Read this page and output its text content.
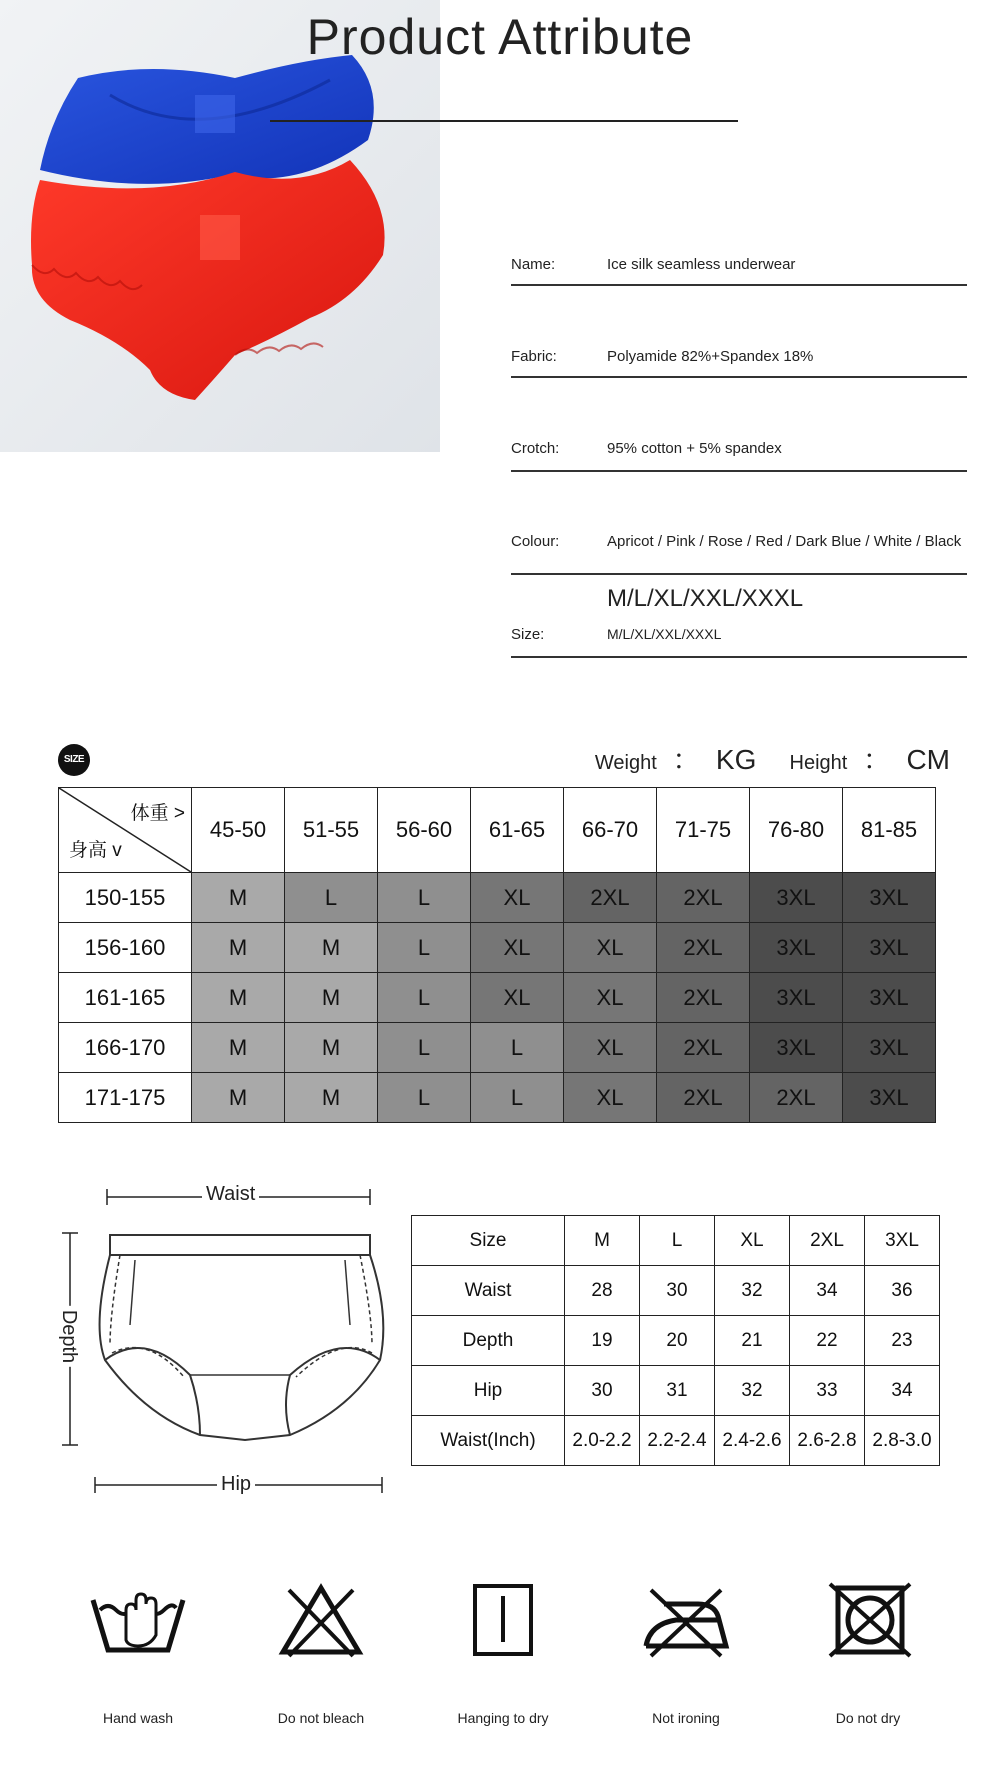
Product Attribute
Name:	Ice silk seamless underwear
Fabric:	Polyamide 82%+Spandex 18%
Crotch:	95% cotton + 5% spandex
Colour:	Apricot / Pink / Rose / Red / Dark Blue / White / Black
M/L/XL/XXL/XXXL
Size:	M/L/XL/XXL/XXXL
SIZE	Weight ： KG Height ： CM
体重 >
身高 v	45-50	51-55	56-60	61-65	66-70	71-75	76-80	81-85
150-155	M	L	L	XL	2XL	2XL	3XL	3XL
156-160	M	M	L	XL	XL	2XL	3XL	3XL
161-165	M	M	L	XL	XL	2XL	3XL	3XL
166-170	M	M	L	L	XL	2XL	3XL	3XL
171-175	M	M	L	L	XL	2XL	2XL	3XL
Waist
Depth
Hip
Size	M	L	XL	2XL	3XL
Waist	28	30	32	34	36
Depth	19	20	21	22	23
Hip	30	31	32	33	34
Waist(Inch)	2.0-2.2	2.2-2.4	2.4-2.6	2.6-2.8	2.8-3.0
Hand wash	Do not bleach	Hanging to dry	Not ironing	Do not dry
